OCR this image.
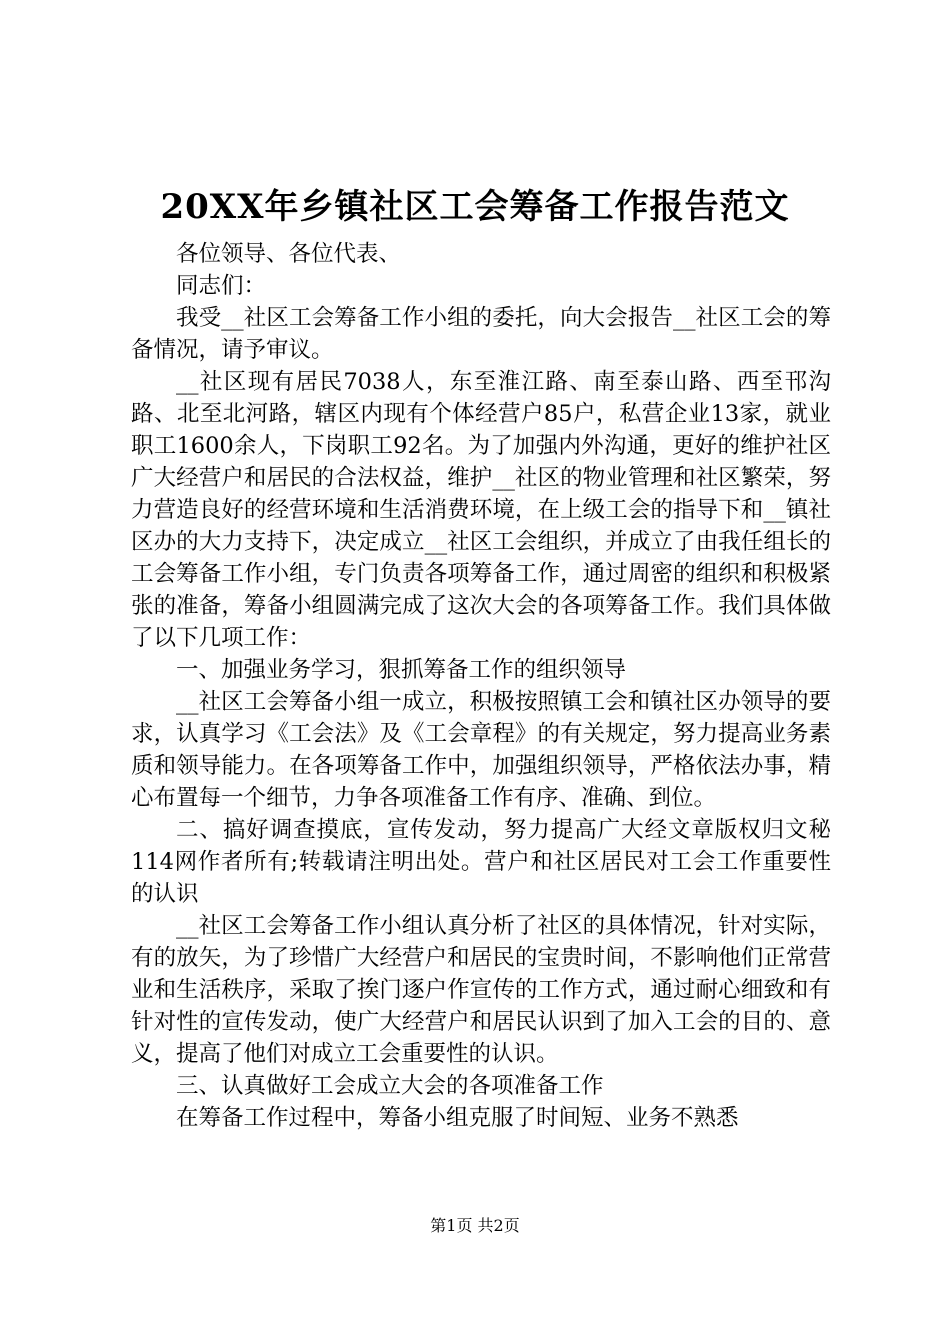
20XX年乡镇社区工会筹备工作报告范文

各位领导、各位代表、

同志们：

我受__社区工会筹备工作小组的委托，向大会报告__社区工会的筹备情况，请予审议。

__社区现有居民7038人，东至淮江路、南至泰山路、西至邗沟路、北至北河路，辖区内现有个体经营户85户，私营企业13家，就业职工1600余人，下岗职工92名。为了加强内外沟通，更好的维护社区广大经营户和居民的合法权益，维护__社区的物业管理和社区繁荣，努力营造良好的经营环境和生活消费环境，在上级工会的指导下和__镇社区办的大力支持下，决定成立__社区工会组织，并成立了由我任组长的工会筹备工作小组，专门负责各项筹备工作，通过周密的组织和积极紧张的准备，筹备小组圆满完成了这次大会的各项筹备工作。我们具体做了以下几项工作：

一、加强业务学习，狠抓筹备工作的组织领导

__社区工会筹备小组一成立，积极按照镇工会和镇社区办领导的要求，认真学习《工会法》及《工会章程》的有关规定，努力提高业务素质和领导能力。在各项筹备工作中，加强组织领导，严格依法办事，精心布置每一个细节，力争各项准备工作有序、准确、到位。

二、搞好调查摸底，宣传发动，努力提高广大经文章版权归文秘114网作者所有;转载请注明出处。营户和社区居民对工会工作重要性的认识

__社区工会筹备工作小组认真分析了社区的具体情况，针对实际，有的放矢，为了珍惜广大经营户和居民的宝贵时间，不影响他们正常营业和生活秩序，采取了挨门逐户作宣传的工作方式，通过耐心细致和有针对性的宣传发动，使广大经营户和居民认识到了加入工会的目的、意义，提高了他们对成立工会重要性的认识。

三、认真做好工会成立大会的各项准备工作

在筹备工作过程中，筹备小组克服了时间短、业务不熟悉

第1页 共2页
